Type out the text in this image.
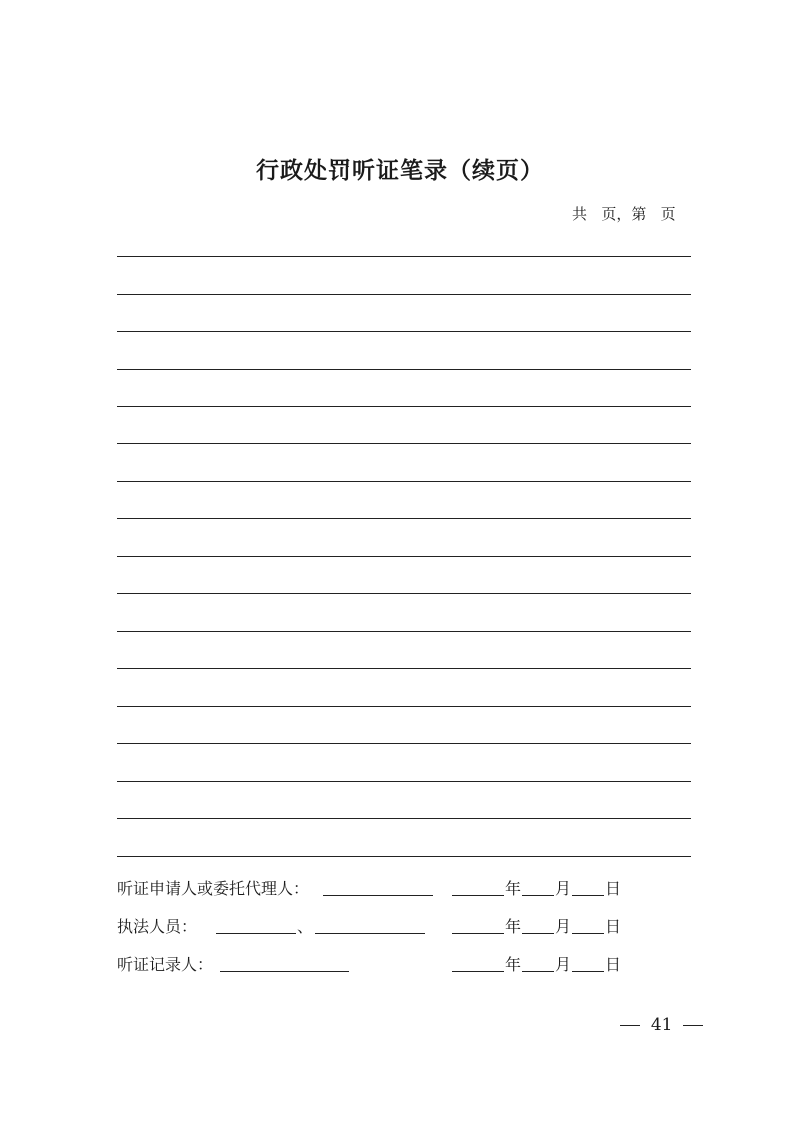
行政处罚听证笔录（续页）
共 页，第 页
听证申请人或委托代理人：	年 月 日
执法人员：	、	年 月 日
听证记录人：	年 月 日
41
